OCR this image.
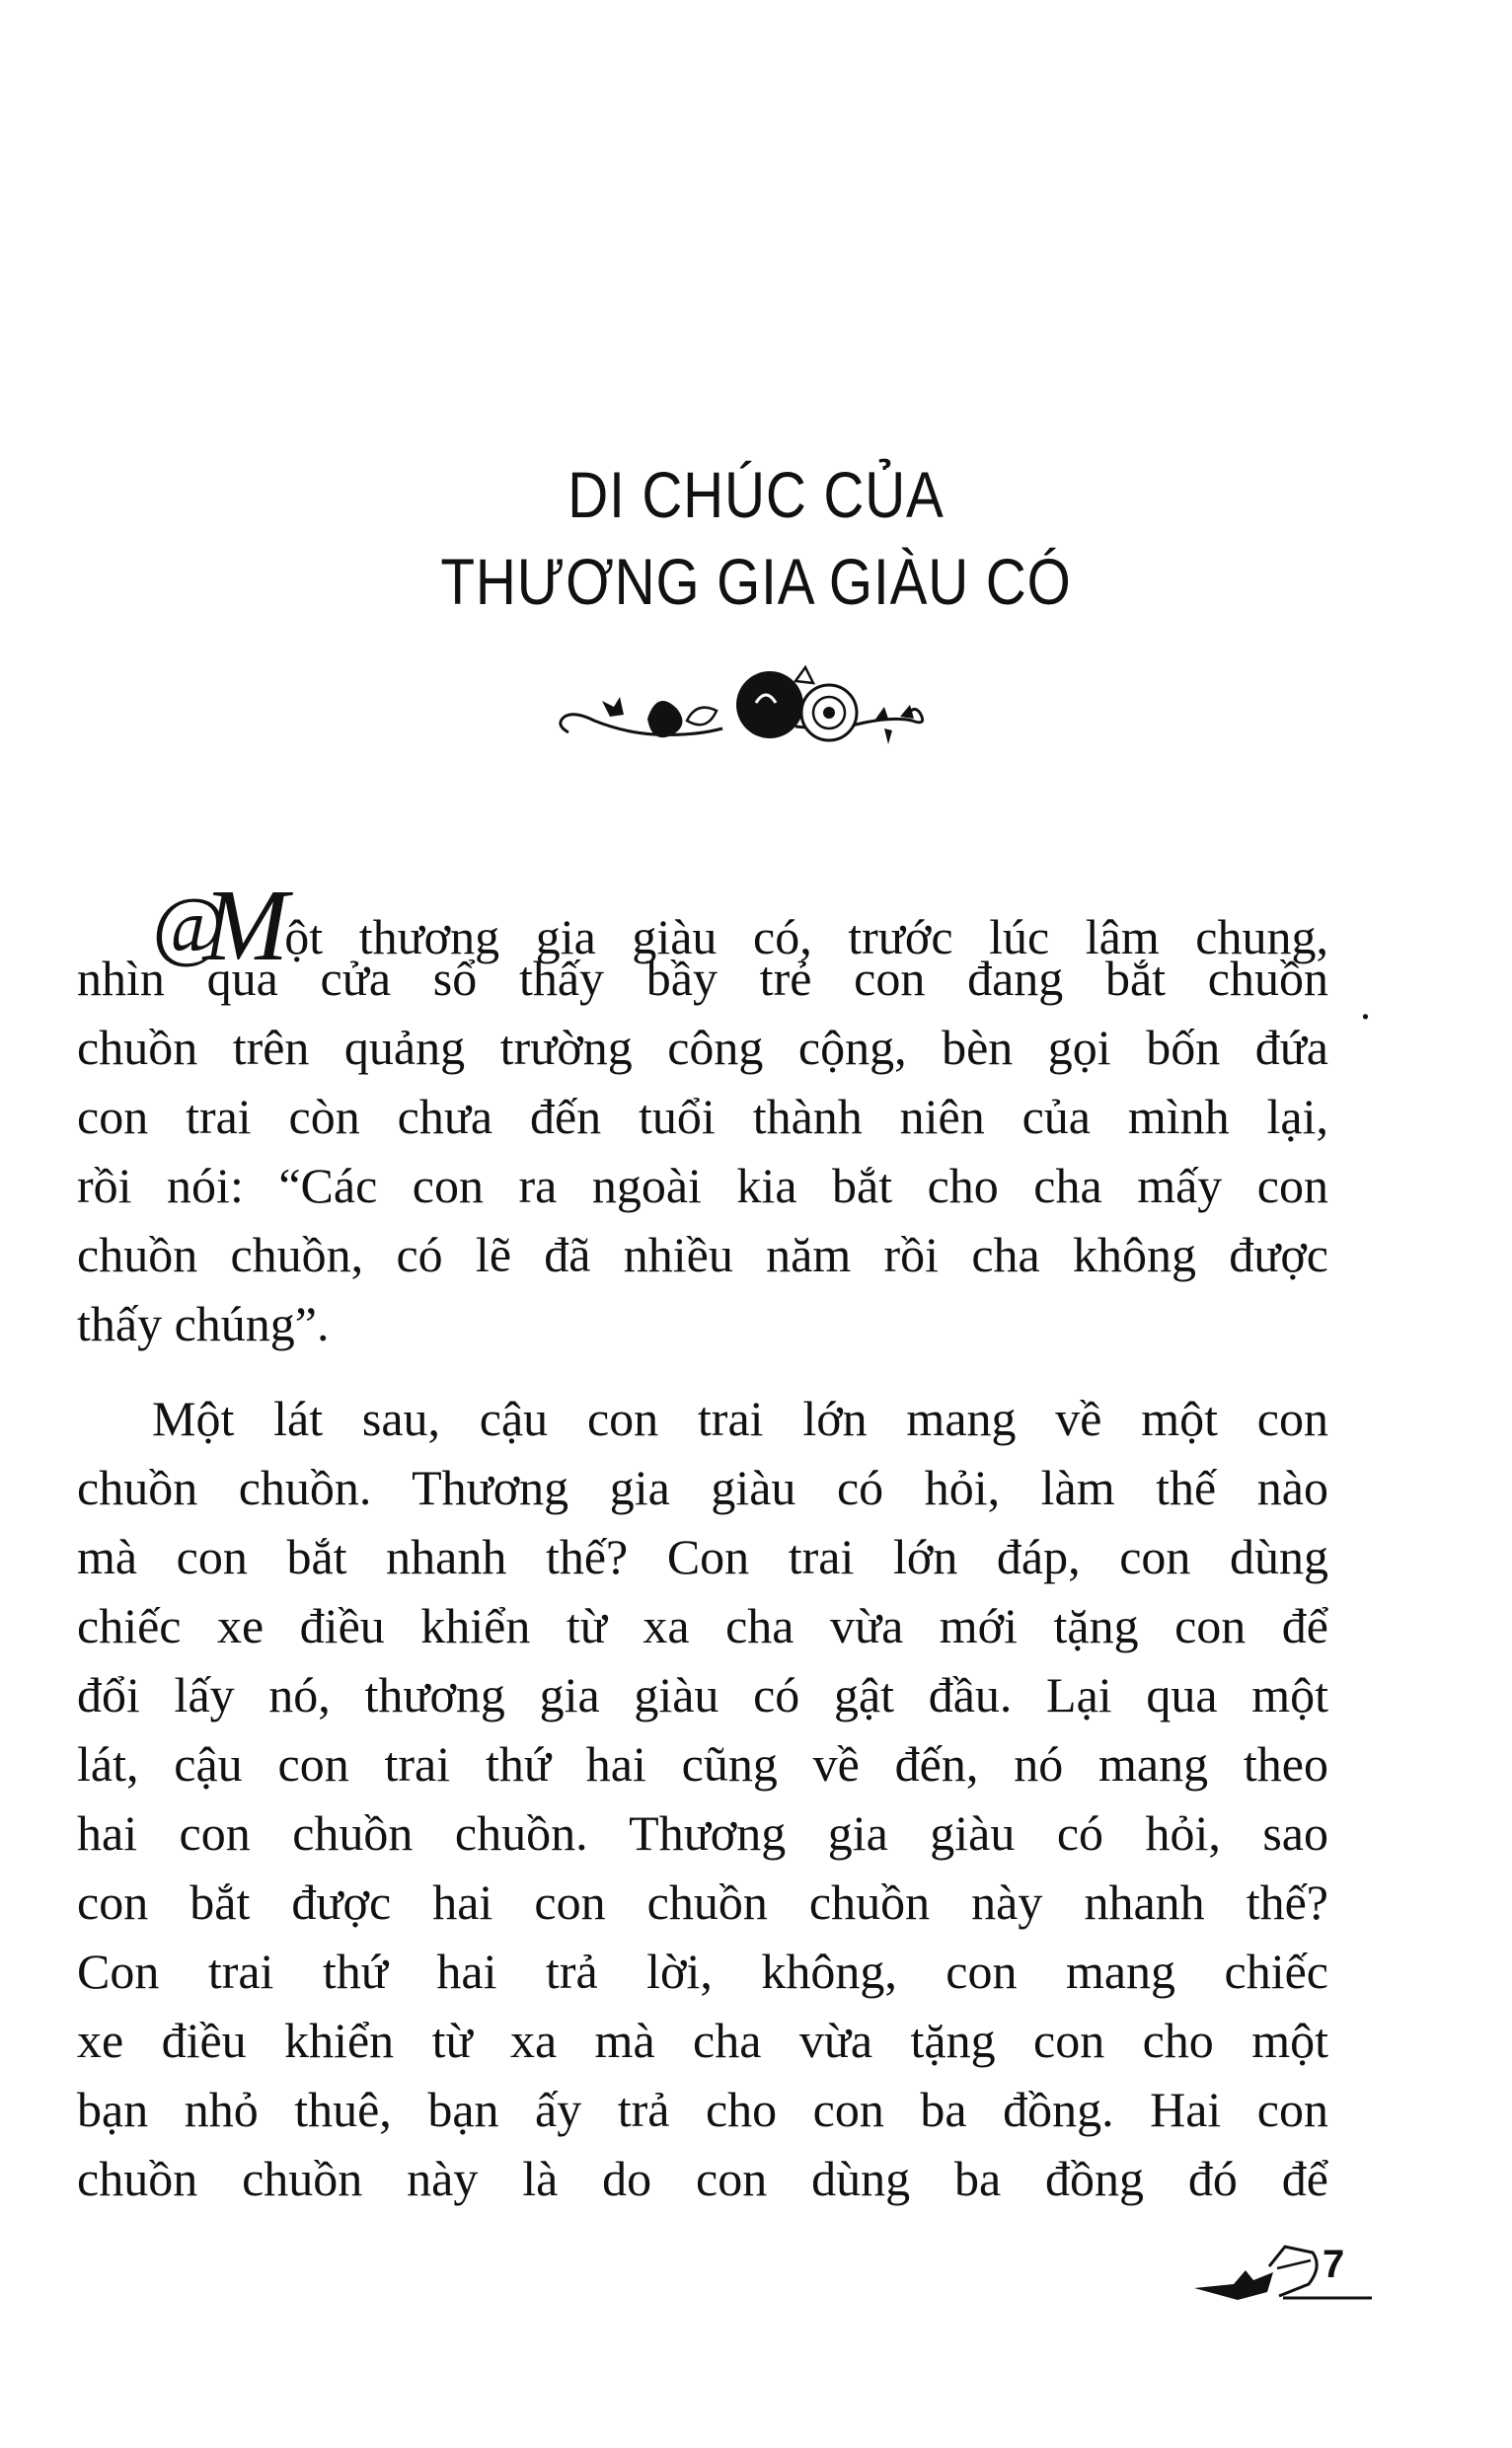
DI CHÚC CỦA
THƯƠNG GIA GIÀU CÓ
@Một thương gia giàu có, trước lúc lâm chung,
nhìn qua cửa sổ thấy bầy trẻ con đang bắt chuồn
chuồn trên quảng trường công cộng, bèn gọi bốn đứa
con trai còn chưa đến tuổi thành niên của mình lại,
rồi nói: “Các con ra ngoài kia bắt cho cha mấy con
chuồn chuồn, có lẽ đã nhiều năm rồi cha không được
thấy chúng”.
.
Một lát sau, cậu con trai lớn mang về một con
chuồn chuồn. Thương gia giàu có hỏi, làm thế nào
mà con bắt nhanh thế? Con trai lớn đáp, con dùng
chiếc xe điều khiển từ xa cha vừa mới tặng con để
đổi lấy nó, thương gia giàu có gật đầu. Lại qua một
lát, cậu con trai thứ hai cũng về đến, nó mang theo
hai con chuồn chuồn. Thương gia giàu có hỏi, sao
con bắt được hai con chuồn chuồn này nhanh thế?
Con trai thứ hai trả lời, không, con mang chiếc
xe điều khiển từ xa mà cha vừa tặng con cho một
bạn nhỏ thuê, bạn ấy trả cho con ba đồng. Hai con
chuồn chuồn này là do con dùng ba đồng đó để
7
